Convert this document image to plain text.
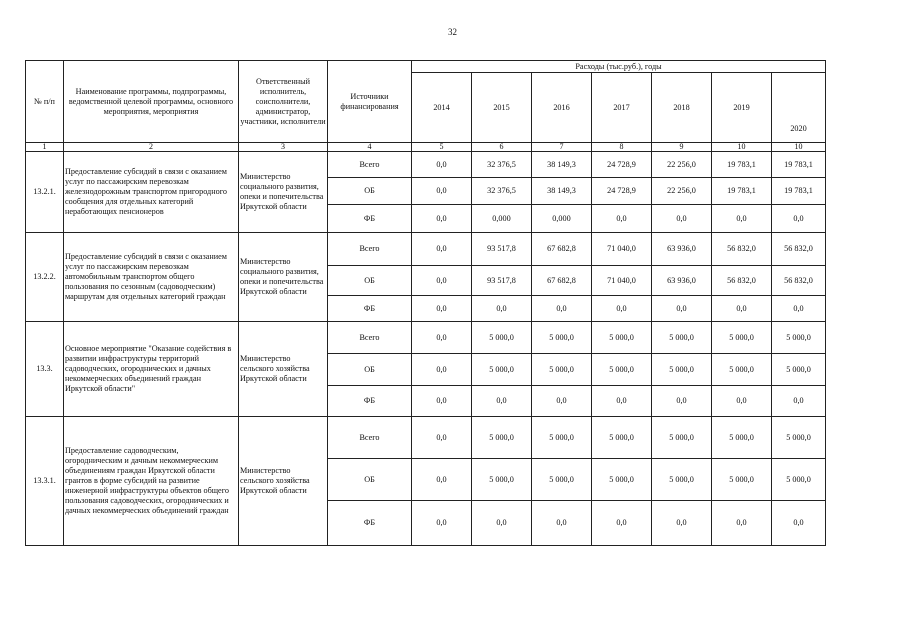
32
№ п/п	Наименование программы, подпрограммы, ведомственной целевой программы, основного мероприятия, мероприятия	Ответственный исполнитель, соисполнители, администратор, участники, исполнители	Источники финансирования	Расходы (тыс.руб.), годы						
				2014	2015	2016	2017	2018	2019	2020
1	2	3	4	5	6	7	8	9	10	10
13.2.1.	Предоставление субсидий в связи с оказанием услуг по пассажирским перевозкам железнодорожным транспортом пригородного сообщения для отдельных категорий неработающих пенсионеров	Министерство социального развития, опеки и попечительства Иркутской области	Всего	0,0	32 376,5	38 149,3	24 728,9	22 256,0	19 783,1	19 783,1
			ОБ	0,0	32 376,5	38 149,3	24 728,9	22 256,0	19 783,1	19 783,1
			ФБ	0,0	0,000	0,000	0,0	0,0	0,0	0,0
13.2.2.	Предоставление субсидий в связи с оказанием услуг по пассажирским перевозкам автомобильным транспортом общего пользования по сезонным (садоводческим) маршрутам для отдельных категорий граждан	Министерство социального развития, опеки и попечительства Иркутской области	Всего	0,0	93 517,8	67 682,8	71 040,0	63 936,0	56 832,0	56 832,0
			ОБ	0,0	93 517,8	67 682,8	71 040,0	63 936,0	56 832,0	56 832,0
			ФБ	0,0	0,0	0,0	0,0	0,0	0,0	0,0
13.3.	Основное мероприятие "Оказание содействия в развитии инфраструктуры территорий садоводческих, огороднических и дачных некоммерческих объединений граждан Иркутской области"	Министерство сельского хозяйства Иркутской области	Всего	0,0	5 000,0	5 000,0	5 000,0	5 000,0	5 000,0	5 000,0
			ОБ	0,0	5 000,0	5 000,0	5 000,0	5 000,0	5 000,0	5 000,0
			ФБ	0,0	0,0	0,0	0,0	0,0	0,0	0,0
13.3.1.	Предоставление садоводческим, огородническим и дачным некоммерческим объединениям граждан Иркутской области грантов в форме субсидий на развитие инженерной инфраструктуры объектов общего пользования садоводческих, огороднических и дачных некоммерческих объединений граждан	Министерство сельского хозяйства Иркутской области	Всего	0,0	5 000,0	5 000,0	5 000,0	5 000,0	5 000,0	5 000,0
			ОБ	0,0	5 000,0	5 000,0	5 000,0	5 000,0	5 000,0	5 000,0
			ФБ	0,0	0,0	0,0	0,0	0,0	0,0	0,0
